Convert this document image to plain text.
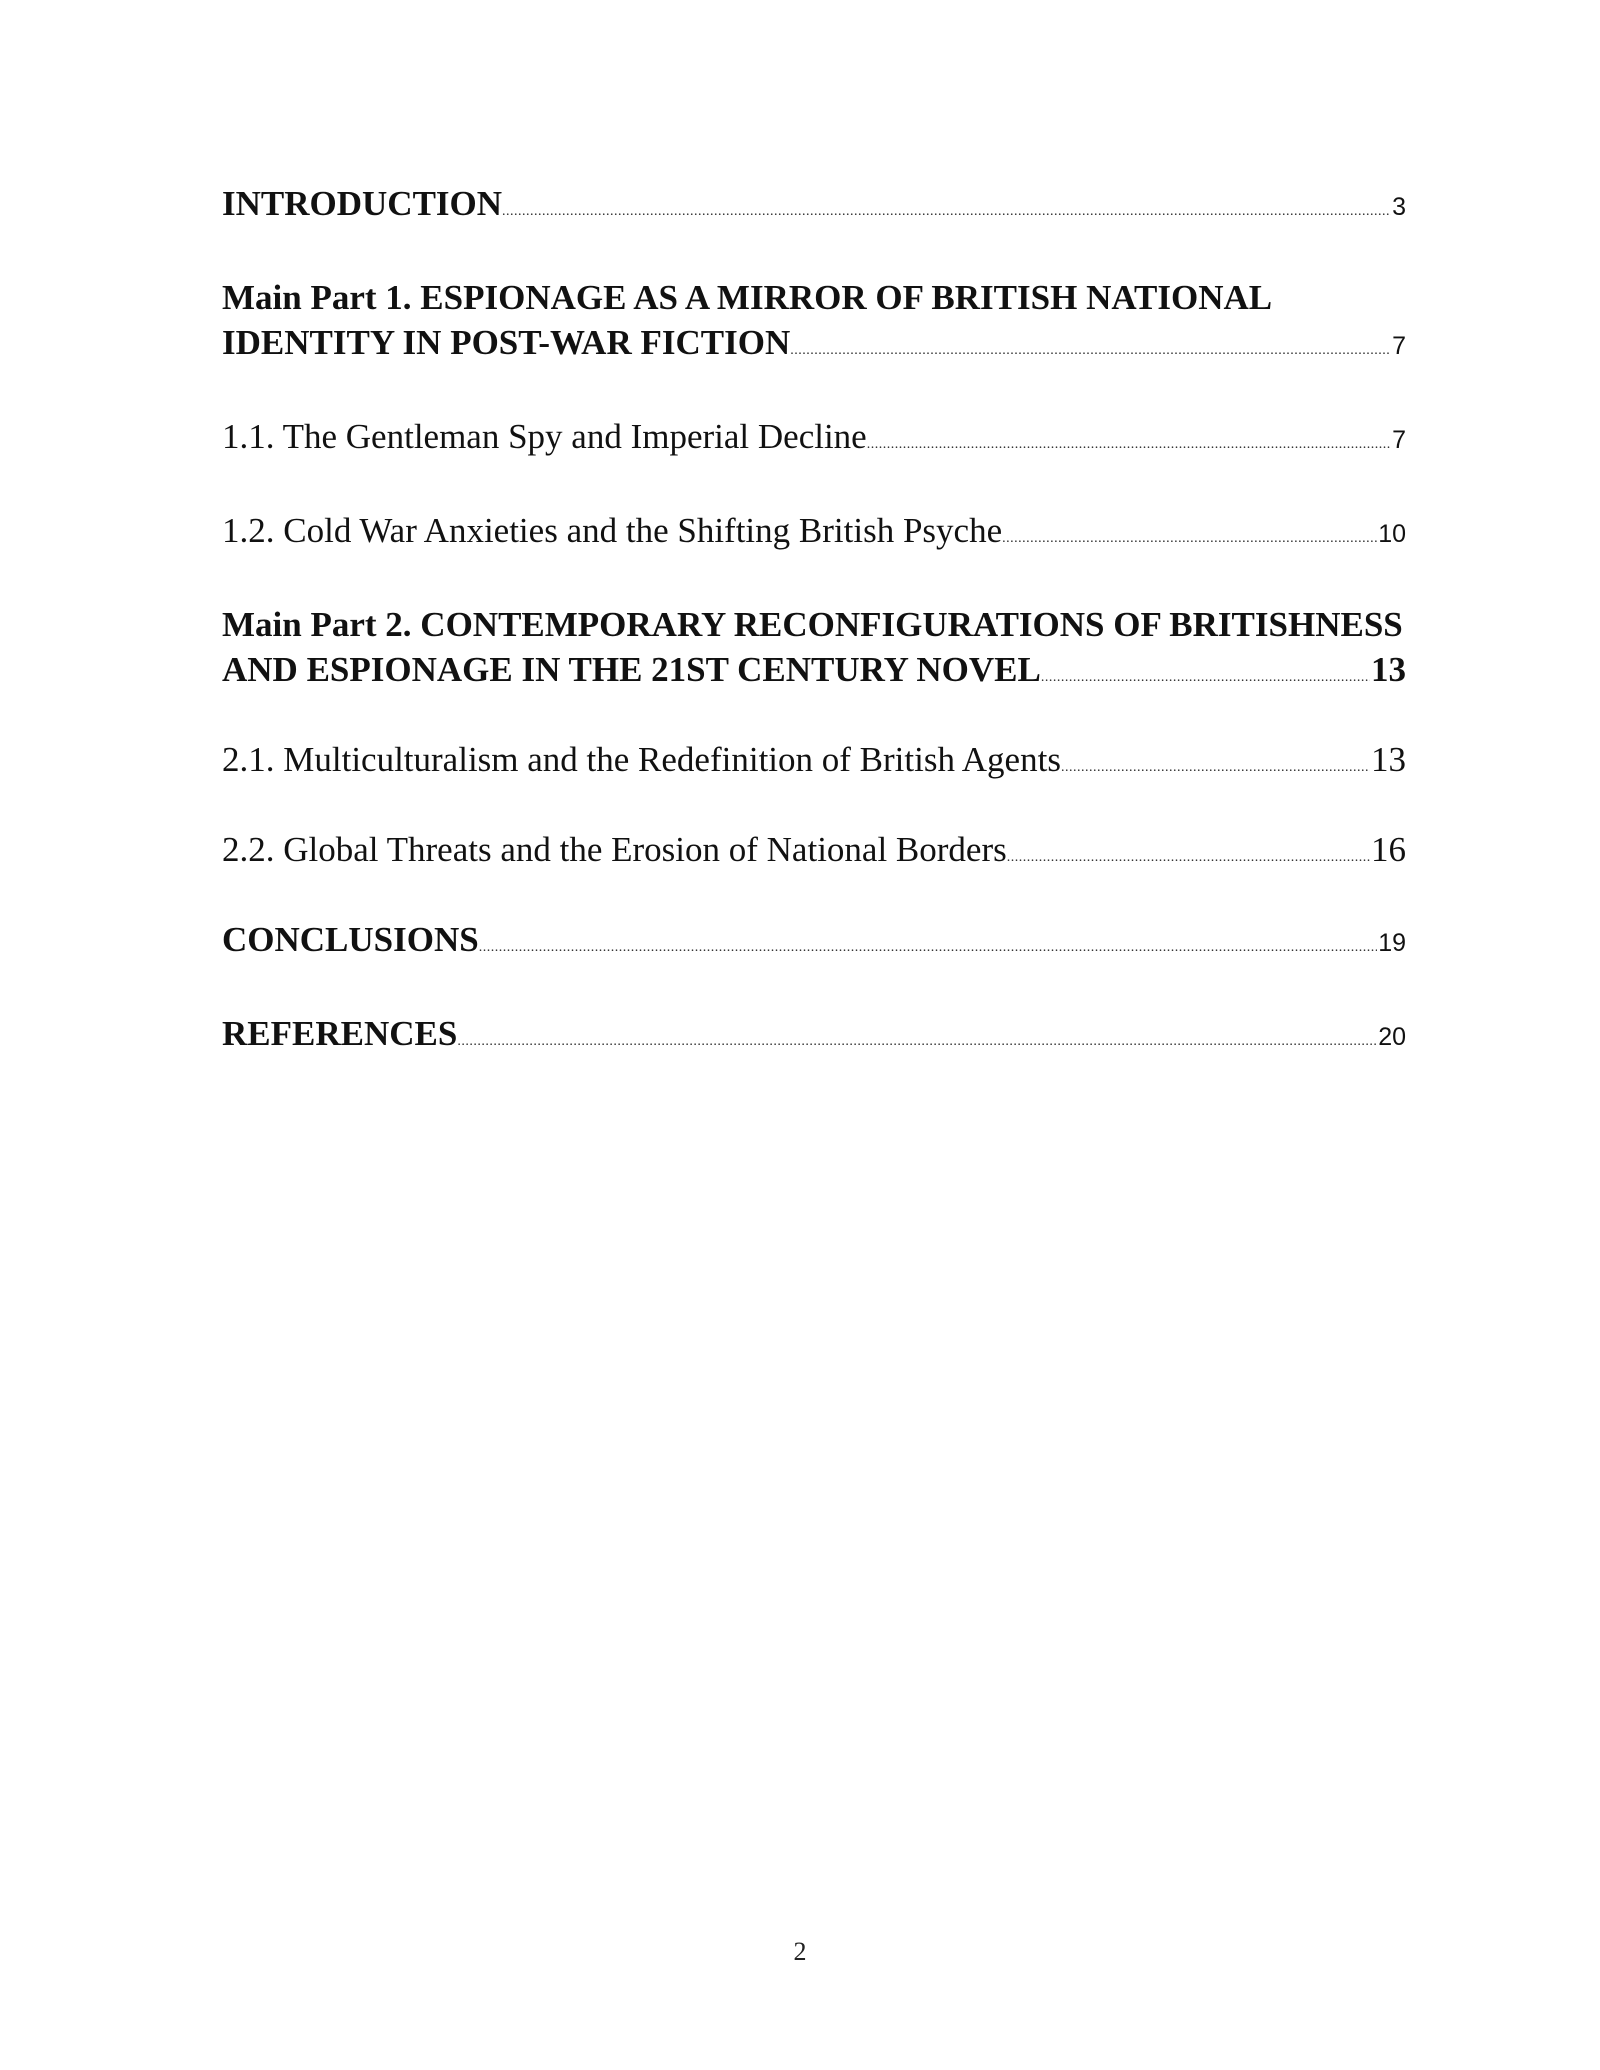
INTRODUCTION .....	3
Main Part 1. ESPIONAGE AS A MIRROR OF BRITISH NATIONAL
IDENTITY IN POST-WAR FICTION .....	7
1.1. The Gentleman Spy and Imperial Decline .....	7
1.2. Cold War Anxieties and the Shifting British Psyche .....	10
Main Part 2. CONTEMPORARY RECONFIGURATIONS OF BRITISHNESS
AND ESPIONAGE IN THE 21ST CENTURY NOVEL .....	13
2.1. Multiculturalism and the Redefinition of British Agents .....	13
2.2. Global Threats and the Erosion of National Borders .....	16
CONCLUSIONS .....	19
REFERENCES .....	20
2
